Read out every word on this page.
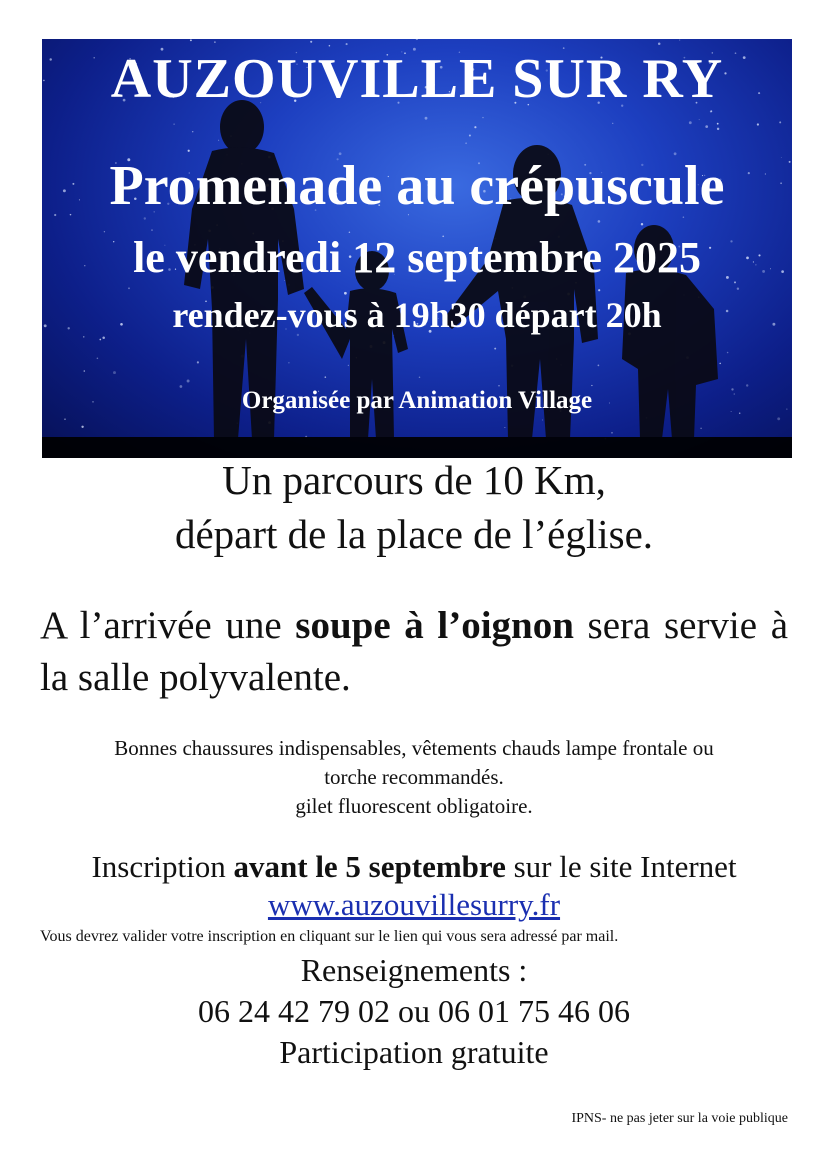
AUZOUVILLE SUR RY
Promenade au crépuscule
le vendredi 12 septembre 2025
rendez-vous à 19h30 départ 20h
Organisée par Animation Village
Un parcours de 10 Km,
départ de la place de l’église.

A l’arrivée une soupe à l’oignon sera servie à la salle polyvalente.

Bonnes chaussures indispensables, vêtements chauds lampe frontale ou
torche recommandés.
gilet fluorescent obligatoire.
Inscription avant le 5 septembre sur le site Internet
www.auzouvillesurry.fr
Vous devrez valider votre inscription en cliquant sur le lien qui vous sera adressé par mail.
Renseignements :
06 24 42 79 02 ou 06 01 75 46 06
Participation gratuite
IPNS- ne pas jeter sur la voie publique
